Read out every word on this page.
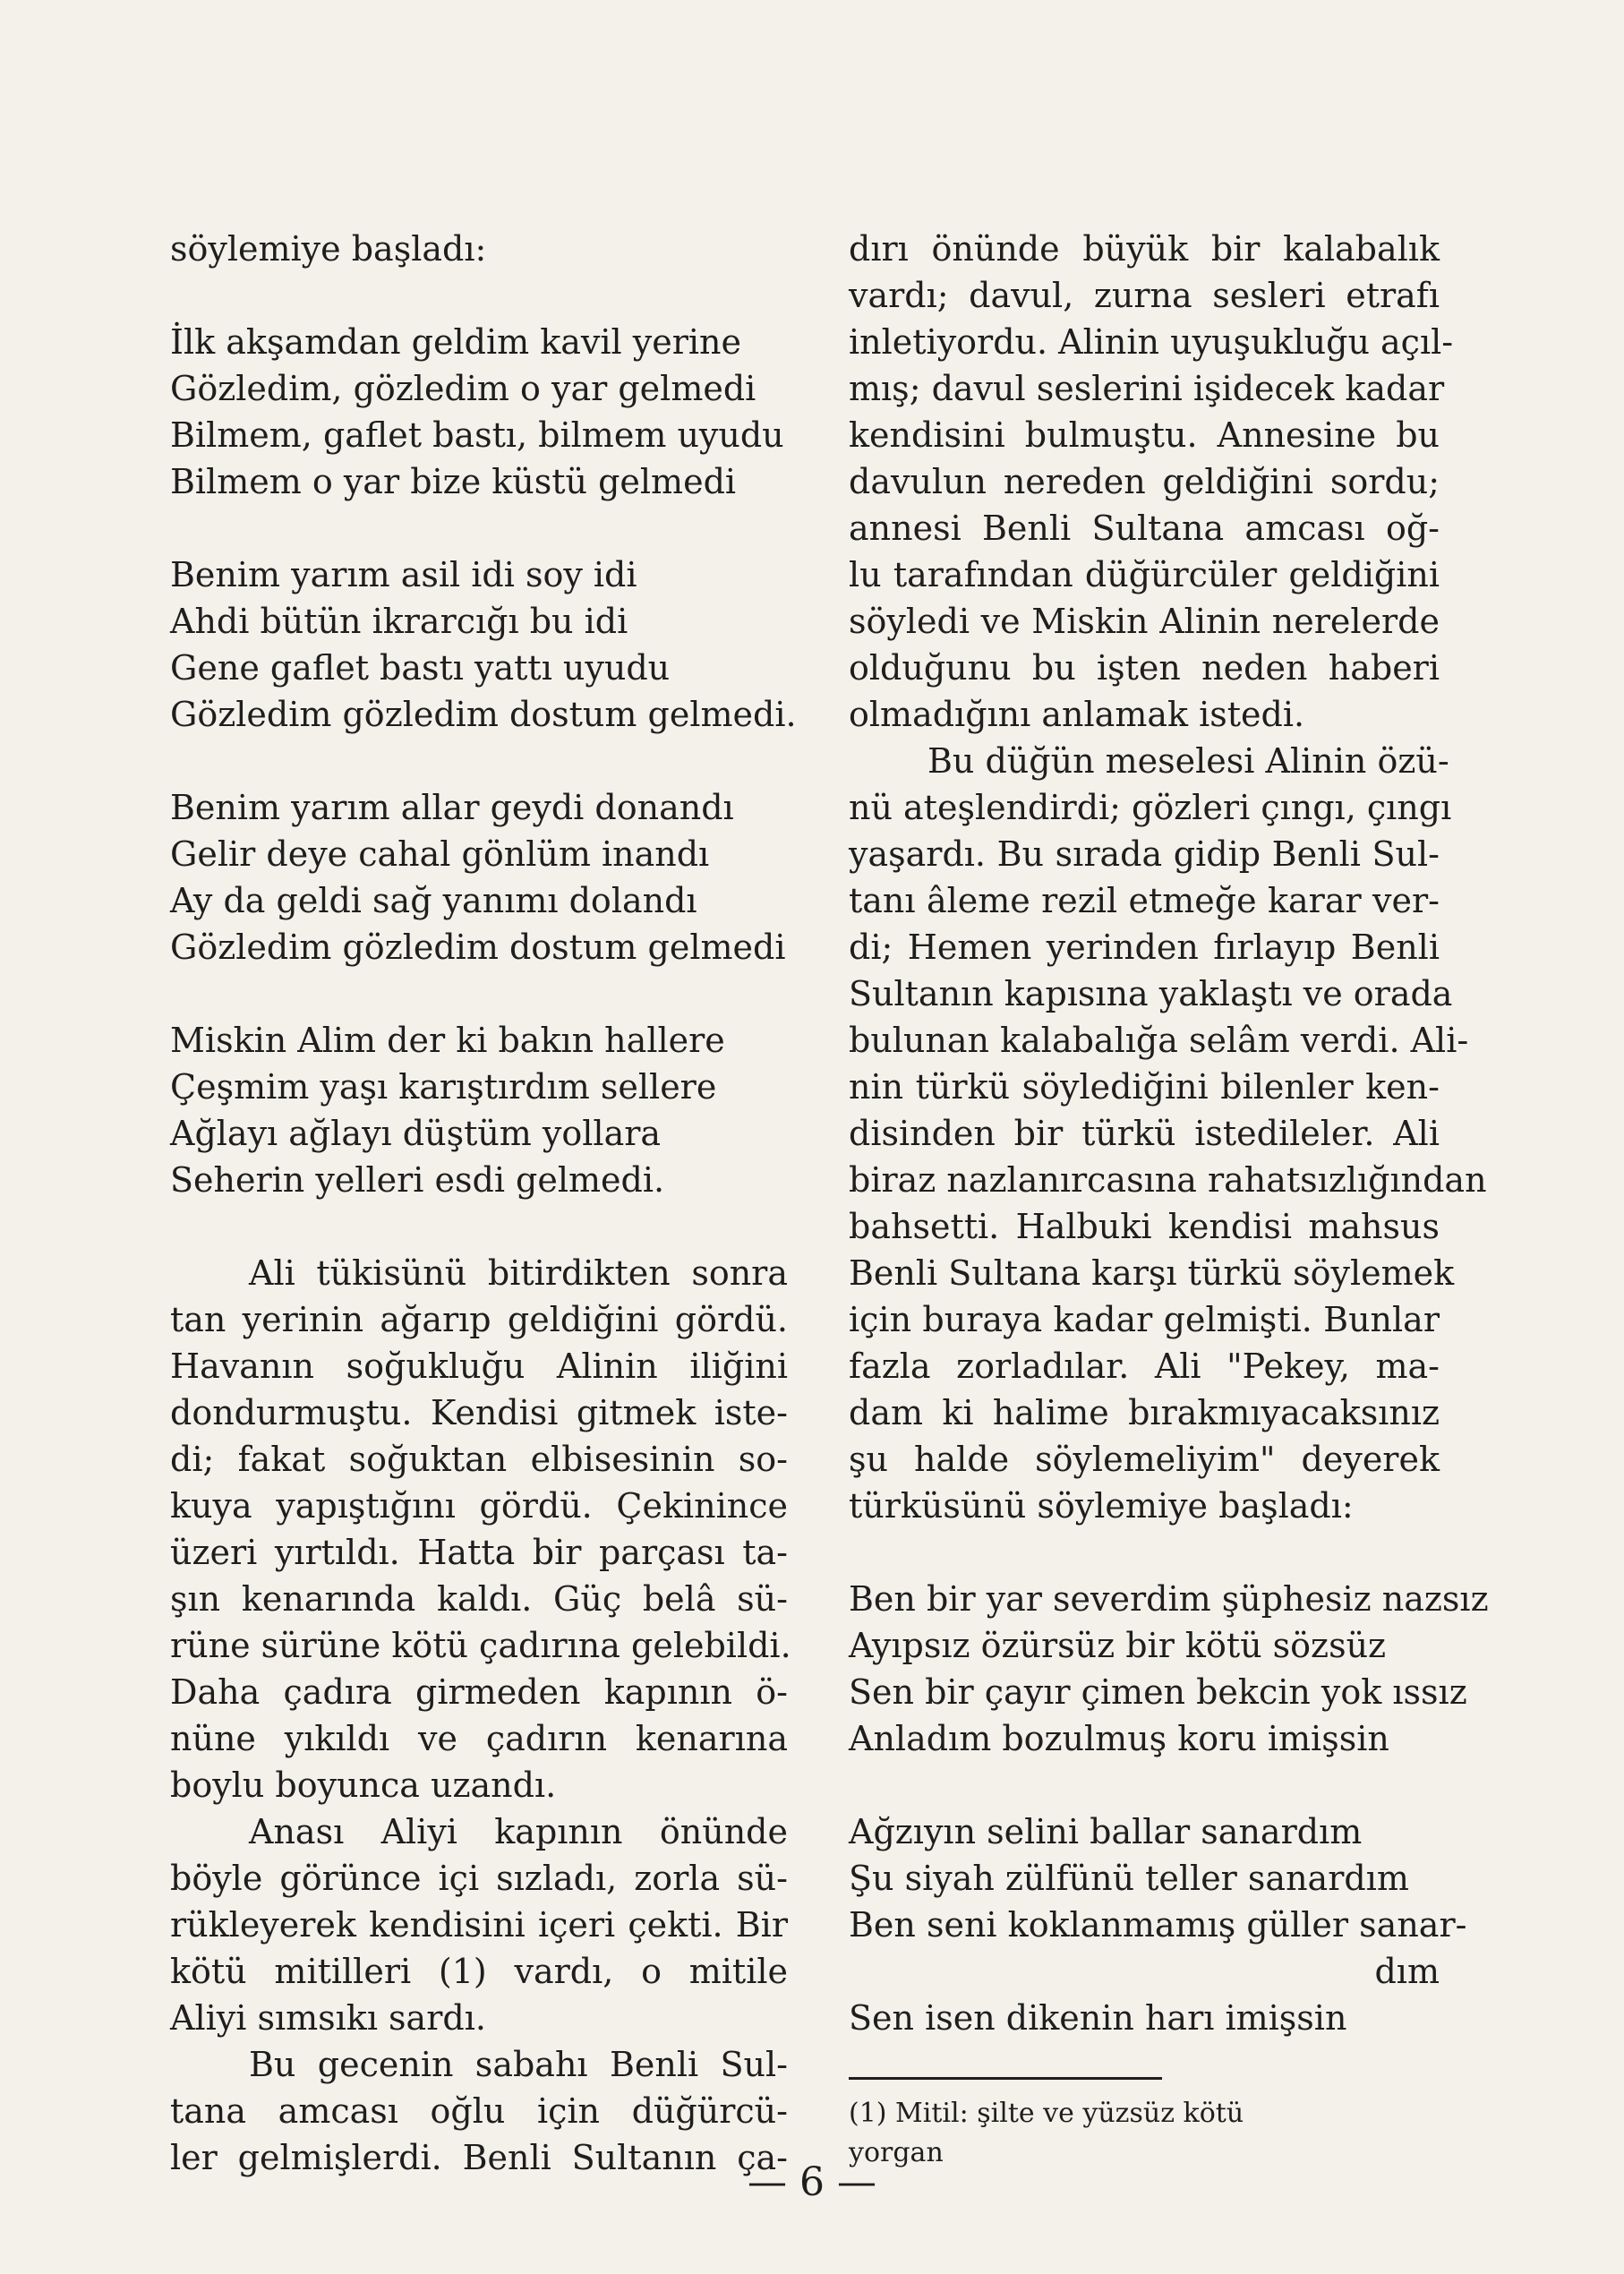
söylemiye başladı:
İlk akşamdan geldim kavil yerine
Gözledim, gözledim o yar gelmedi
Bilmem, gaflet bastı, bilmem uyudu
Bilmem o yar bize küstü gelmedi
Benim yarım asil idi soy idi
Ahdi bütün ikrarcığı bu idi
Gene gaflet bastı yattı uyudu
Gözledim gözledim dostum gelmedi.
Benim yarım allar geydi donandı
Gelir deye cahal gönlüm inandı
Ay da geldi sağ yanımı dolandı
Gözledim gözledim dostum gelmedi
Miskin Alim der ki bakın hallere
Çeşmim yaşı karıştırdım sellere
Ağlayı ağlayı düştüm yollara
Seherin yelleri esdi gelmedi.
Ali tükisünü bitirdikten sonra
tan yerinin ağarıp geldiğini gördü.
Havanın soğukluğu Alinin iliğini
dondurmuştu. Kendisi gitmek iste-
di; fakat soğuktan elbisesinin so-
kuya yapıştığını gördü. Çekinince
üzeri yırtıldı. Hatta bir parçası ta-
şın kenarında kaldı. Güç belâ sü-
rüne sürüne kötü çadırına gelebildi.
Daha çadıra girmeden kapının ö-
nüne yıkıldı ve çadırın kenarına
boylu boyunca uzandı.
Anası Aliyi kapının önünde
böyle görünce içi sızladı, zorla sü-
rükleyerek kendisini içeri çekti. Bir
kötü mitilleri (1) vardı, o mitile
Aliyi sımsıkı sardı.
Bu gecenin sabahı Benli Sul-
tana amcası oğlu için düğürcü-
ler gelmişlerdi. Benli Sultanın ça-
dırı önünde büyük bir kalabalık
vardı; davul, zurna sesleri etrafı
inletiyordu. Alinin uyuşukluğu açıl-
mış; davul seslerini işidecek kadar
kendisini bulmuştu. Annesine bu
davulun nereden geldiğini sordu;
annesi Benli Sultana amcası oğ-
lu tarafından düğürcüler geldiğini
söyledi ve Miskin Alinin nerelerde
olduğunu bu işten neden haberi
olmadığını anlamak istedi.
Bu düğün meselesi Alinin özü-
nü ateşlendirdi; gözleri çıngı, çıngı
yaşardı. Bu sırada gidip Benli Sul-
tanı âleme rezil etmeğe karar ver-
di; Hemen yerinden fırlayıp Benli
Sultanın kapısına yaklaştı ve orada
bulunan kalabalığa selâm verdi. Ali-
nin türkü söylediğini bilenler ken-
disinden bir türkü istedileler. Ali
biraz nazlanırcasına rahatsızlığından
bahsetti. Halbuki kendisi mahsus
Benli Sultana karşı türkü söylemek
için buraya kadar gelmişti. Bunlar
fazla zorladılar. Ali "Pekey, ma-
dam ki halime bırakmıyacaksınız
şu halde söylemeliyim" deyerek
türküsünü söylemiye başladı:
Ben bir yar severdim şüphesiz nazsız
Ayıpsız özürsüz bir kötü sözsüz
Sen bir çayır çimen bekcin yok ıssız
Anladım bozulmuş koru imişsin
Ağzıyın selini ballar sanardım
Şu siyah zülfünü teller sanardım
Ben seni koklanmamış güller sanar-
dım
Sen isen dikenin harı imişsin
(1) Mitil: şilte ve yüzsüz kötü
yorgan
— 6 —
